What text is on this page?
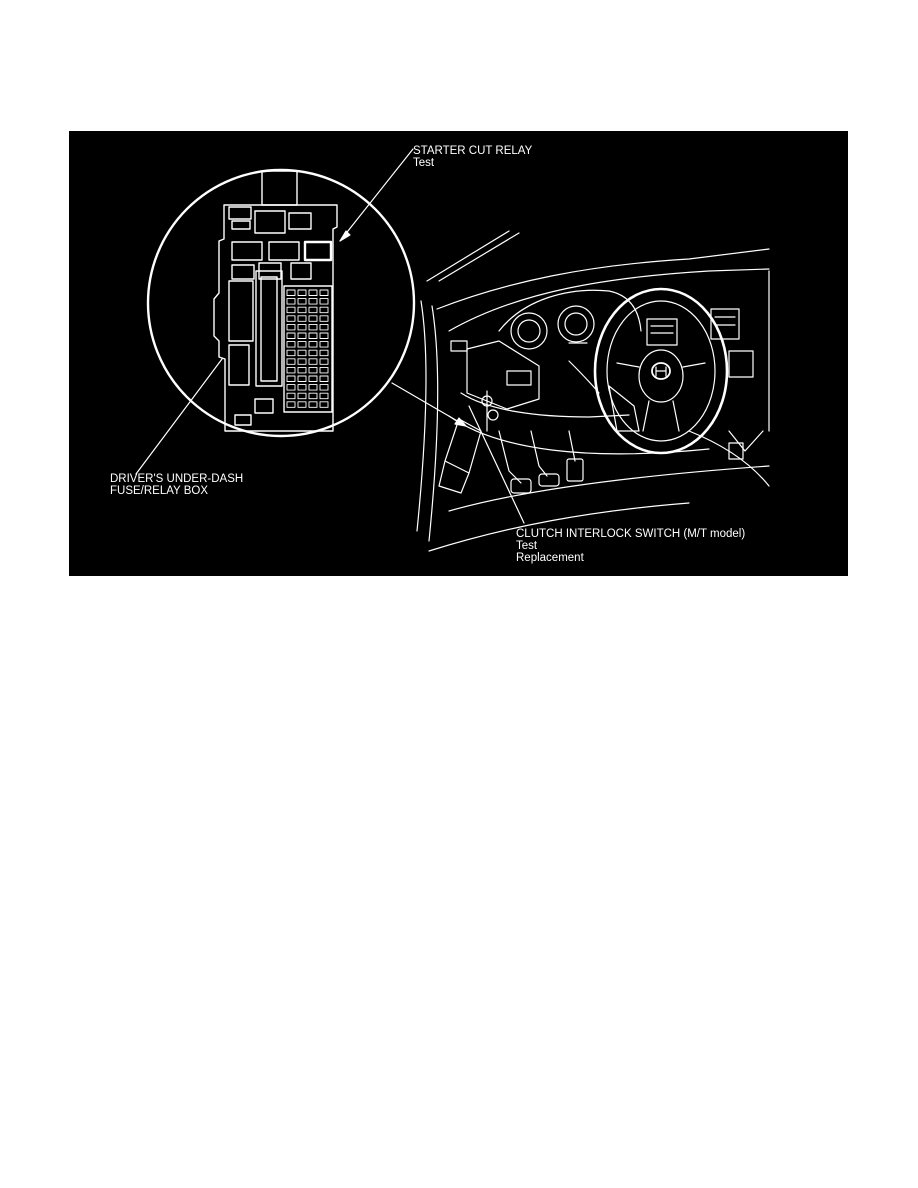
STARTER CUT RELAY
Test
DRIVER'S UNDER-DASH
FUSE/RELAY BOX
CLUTCH INTERLOCK SWITCH (M/T model)
Test
Replacement
